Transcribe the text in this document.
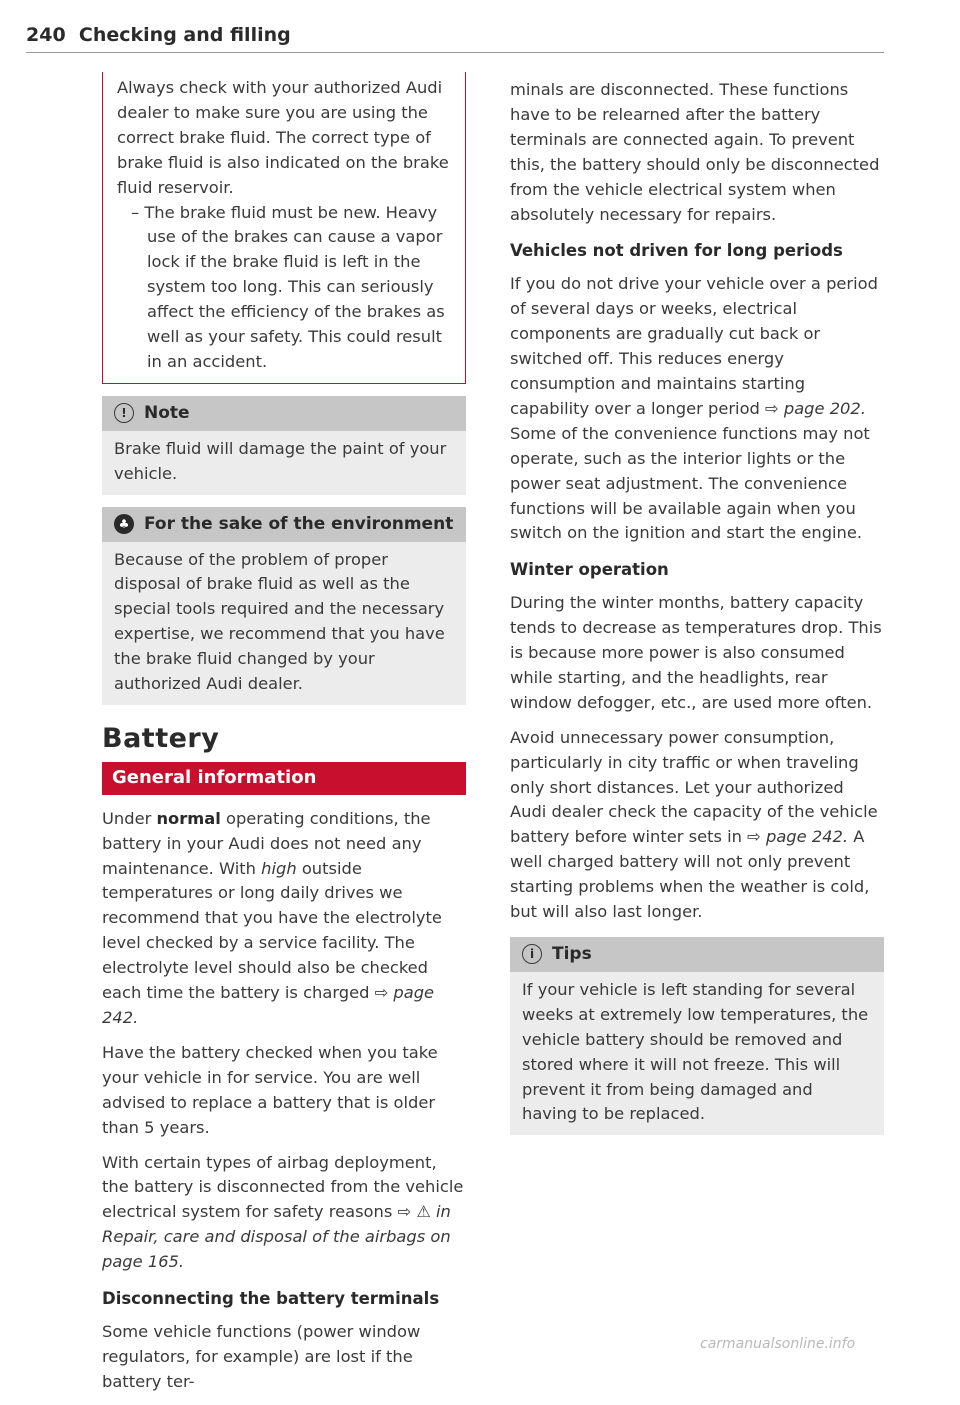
240 Checking and filling

Always check with your authorized Audi dealer to make sure you are using the correct brake fluid. The correct type of brake fluid is also indicated on the brake fluid reservoir.

– The brake fluid must be new. Heavy use of the brakes can cause a vapor lock if the brake fluid is left in the system too long. This can seriously affect the efficiency of the brakes as well as your safety. This could result in an accident.

!	Note

Brake fluid will damage the paint of your vehicle.

♣ For the sake of the environment

Because of the problem of proper disposal of brake fluid as well as the special tools required and the necessary expertise, we recommend that you have the brake fluid changed by your authorized Audi dealer.

Battery
General information

Under normal operating conditions, the battery in your Audi does not need any maintenance. With high outside temperatures or long daily drives we recommend that you have the electrolyte level checked by a service facility. The electrolyte level should also be checked each time the battery is charged ⇨ page 242.

Have the battery checked when you take your vehicle in for service. You are well advised to replace a battery that is older than 5 years.

With certain types of airbag deployment, the battery is disconnected from the vehicle electrical system for safety reasons ⇨ ⚠ in Repair, care and disposal of the airbags on page 165.

Disconnecting the battery terminals

Some vehicle functions (power window regulators, for example) are lost if the battery ter-

minals are disconnected. These functions have to be relearned after the battery terminals are connected again. To prevent this, the battery should only be disconnected from the vehicle electrical system when absolutely necessary for repairs.

Vehicles not driven for long periods

If you do not drive your vehicle over a period of several days or weeks, electrical components are gradually cut back or switched off. This reduces energy consumption and maintains starting capability over a longer period ⇨ page 202. Some of the convenience functions may not operate, such as the interior lights or the power seat adjustment. The convenience functions will be available again when you switch on the ignition and start the engine.

Winter operation

During the winter months, battery capacity tends to decrease as temperatures drop. This is because more power is also consumed while starting, and the headlights, rear window defogger, etc., are used more often.

Avoid unnecessary power consumption, particularly in city traffic or when traveling only short distances. Let your authorized Audi dealer check the capacity of the vehicle battery before winter sets in ⇨ page 242. A well charged battery will not only prevent starting problems when the weather is cold, but will also last longer.

i	Tips

If your vehicle is left standing for several weeks at extremely low temperatures, the vehicle battery should be removed and stored where it will not freeze. This will prevent it from being damaged and having to be replaced.

carmanualsonline.info
